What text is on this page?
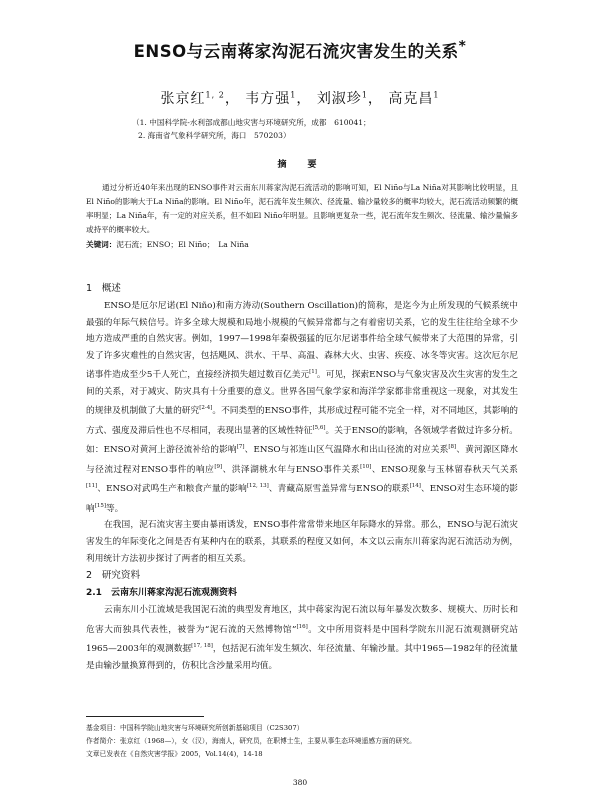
ENSO与云南蒋家沟泥石流灾害发生的关系*
张京红$^{1, 2}$， 韦方强$^1$， 刘淑珍$^1$， 高克昌$^1$
（1. 中国科学院-水利部成都山地灾害与环境研究所，成都　610041；
2. 海南省气象科学研究所，海口　570203）
摘　要

通过分析近40年来出现的ENSO事件对云南东川蒋家沟泥石流活动的影响可知，El Niño与La Niña对其影响比较明显，且El Niño的影响大于La Niña的影响。El Niño年，泥石流年发生频次、径流量、输沙量较多的概率均较大，泥石流活动频繁的概率明显；La Niña年，有一定的对应关系，但不如El Niño年明显。且影响更复杂一些，泥石流年发生频次、径流量、输沙量偏多或持平的概率较大。

关键词：泥石流；ENSO；El Niño；　La Niña

1　概述

ENSO是厄尔尼诺(El Niño)和南方涛动(Southern Oscillation)的简称，是迄今为止所发现的气候系统中最强的年际气候信号。许多全球大规模和局地小规模的气候异常都与之有着密切关系，它的发生往往给全球不少地方造成严重的自然灾害。例如，1997—1998年秦极强猛的厄尔尼诺事件给全球气候带来了大范围的异常，引发了许多灾难性的自然灾害，包括飓风、洪水、干旱、高温、森林大火、虫害、疾疫、冰冬等灾害。这次厄尔尼诺事件造成至少5千人死亡，直接经济损失超过数百亿美元[1]。可见，探索ENSO与气象灾害及次生灾害的发生之间的关系，对于减灾、防灾具有十分重要的意义。世界各国气象学家和海洋学家都非常重视这一现象，对其发生的规律及机制做了大量的研究[2-4]。不同类型的ENSO事件，其形成过程可能不完全一样，对不同地区，其影响的方式、强度及滞后性也不尽相同，表现出显著的区域性特征[5,6]。关于ENSO的影响，各领域学者做过许多分析。如：ENSO对黄河上游径流补给的影响[7]、ENSO与祁连山区气温降水和出山径流的对应关系[8]、黄河源区降水与径流过程对ENSO事件的响应[9]、洪泽湖桃水年与ENSO事件关系[10]、ENSO现象与玉林留春秋天气关系[11]、ENSO对武鸣生产和粮食产量的影响[12, 13]、青藏高原雪盖异常与ENSO的联系[14]、ENSO对生态环境的影响[15]等。

在我国，泥石流灾害主要由暴雨诱发，ENSO事件常常带来地区年际降水的异常。那么，ENSO与泥石流灾害发生的年际变化之间是否有某种内在的联系，其联系的程度又如何，本文以云南东川蒋家沟泥石流活动为例，利用统计方法初步探讨了两者的相互关系。

2　研究资料
2.1　云南东川蒋家沟泥石流观测资料

云南东川小江流域是我国泥石流的典型发育地区，其中蒋家沟泥石流以每年暴发次数多、规模大、历时长和危害大而独具代表性，被誉为“泥石流的天然博物馆”[16]。文中所用资料是中国科学院东川泥石流观测研究站1965—2003年的观测数据[17, 18]，包括泥石流年发生频次、年径流量、年输沙量。其中1965—1982年的径流量是由输沙量换算得到的，仿积比含沙量采用均值。

基金项目：中国科学院山地灾害与环境研究所创新基础项目（C2S307）
作者简介：张京红（1968—），女（汉），海南人，研究员，在职博士生，主要从事生态环境遥感方面的研究。
文章已发表在《自然灾害学报》2005，Vol.14(4)，14-18
380
